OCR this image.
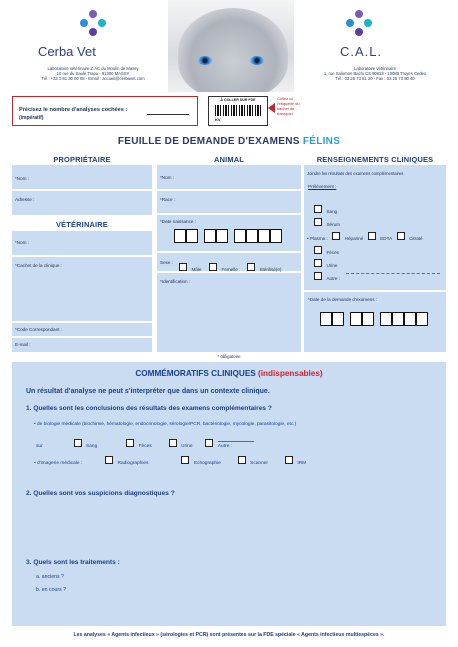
Cerba Vet
Laboratoire vétérinaire Z.AC du Moulin de Massy
10 rue du Saule Trapu - 91300 MASSY
Tél : +33 1 81 30 00 08 - Email : accueil@cerbavet.com
C.A.L.
Laboratoire vétérinaire
1, rue Salomon Bachi CS 90613 - 10088 Troyes Cedex
Tél : 03 25 73 81 20 - Fax : 03 25 73 80 40
Précisez le nombre d'analyses cochées :
(impératif)
À COLLER SUR FDE
KV
Collez ici l'étiquette du sachet de transport
FEUILLE DE DEMANDE D'EXAMENS FÉLINS
PROPRIÉTAIRE	ANIMAL	RENSEIGNEMENTS CLINIQUES
*Nom :
Adresse :
VÉTÉRINAIRE
*Nom :
*Cachet de la clinique :
*Code Correspondant :
E-mail :
*Nom :
*Race :
*Date naissance :
Sexe :
Mâle	Femelle	Stérilisé(e)
*Identification :
Joindre les résultats des examens complémentaires
Prélèvement :
Sang
Sérum
• Plasma :	Hépariné	EDTA	Citraté
Fèces
Urine
Autre :
*Date de la demande d'examens :
* obligatoire
COMMÉMORATIFS CLINIQUES (indispensables)
Un résultat d'analyse ne peut s'interpréter que dans un contexte clinique.
1. Quelles sont les conclusions des résultats des examens complémentaires ?
• de biologie médicale (biochimie, hématologie, endocrinologie, sérologie/PCR, bactériologie, mycologie, parasitologie, etc.)
sur	Sang	Fèces	Urine	Autre :
• d'imagerie médicale :	Radiographies	Echographie	Scanner	IRM
2. Quelles sont vos suspicions diagnostiques ?
3. Quels sont les traitements :
a. anciens ?
b. en cours ?
Les analyses « Agents infectieux » (sérologies et PCR) sont présentes sur la FDE spéciale « Agents infectieux multiespèces ».
